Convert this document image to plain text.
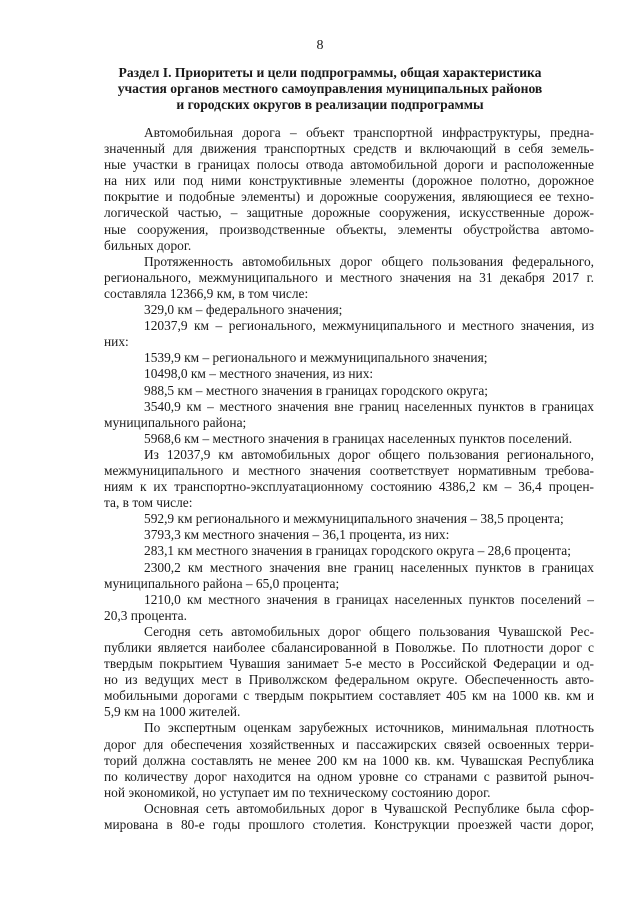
8
Раздел I. Приоритеты и цели подпрограммы, общая характеристика
участия органов местного самоуправления муниципальных районов
и городских округов в реализации подпрограммы
Автомобильная дорога – объект транспортной инфраструктуры, предна-
значенный для движения транспортных средств и включающий в себя земель-
ные участки в границах полосы отвода автомобильной дороги и расположенные
на них или под ними конструктивные элементы (дорожное полотно, дорожное
покрытие и подобные элементы) и дорожные сооружения, являющиеся ее техно-
логической частью, – защитные дорожные сооружения, искусственные дорож-
ные сооружения, производственные объекты, элементы обустройства автомо-
бильных дорог.
Протяженность автомобильных дорог общего пользования федерального,
регионального, межмуниципального и местного значения на 31 декабря 2017 г.
составляла 12366,9 км, в том числе:
329,0 км – федерального значения;
12037,9 км – регионального, межмуниципального и местного значения, из
них:
1539,9 км – регионального и межмуниципального значения;
10498,0 км – местного значения, из них:
988,5 км – местного значения в границах городского округа;
3540,9 км – местного значения вне границ населенных пунктов в границах
муниципального района;
5968,6 км – местного значения в границах населенных пунктов поселений.
Из 12037,9 км автомобильных дорог общего пользования регионального,
межмуниципального и местного значения соответствует нормативным требова-
ниям к их транспортно-эксплуатационному состоянию 4386,2 км – 36,4 процен-
та, в том числе:
592,9 км регионального и межмуниципального значения – 38,5 процента;
3793,3 км местного значения – 36,1 процента, из них:
283,1 км местного значения в границах городского округа – 28,6 процента;
2300,2 км местного значения вне границ населенных пунктов в границах
муниципального района – 65,0 процента;
1210,0 км местного значения в границах населенных пунктов поселений –
20,3 процента.
Сегодня сеть автомобильных дорог общего пользования Чувашской Рес-
публики является наиболее сбалансированной в Поволжье. По плотности дорог с
твердым покрытием Чувашия занимает 5-е место в Российской Федерации и од-
но из ведущих мест в Приволжском федеральном округе. Обеспеченность авто-
мобильными дорогами с твердым покрытием составляет 405 км на 1000 кв. км и
5,9 км на 1000 жителей.
По экспертным оценкам зарубежных источников, минимальная плотность
дорог для обеспечения хозяйственных и пассажирских связей освоенных терри-
торий должна составлять не менее 200 км на 1000 кв. км. Чувашская Республика
по количеству дорог находится на одном уровне со странами с развитой рыноч-
ной экономикой, но уступает им по техническому состоянию дорог.
Основная сеть автомобильных дорог в Чувашской Республике была сфор-
мирована в 80-е годы прошлого столетия. Конструкции проезжей части дорог,
